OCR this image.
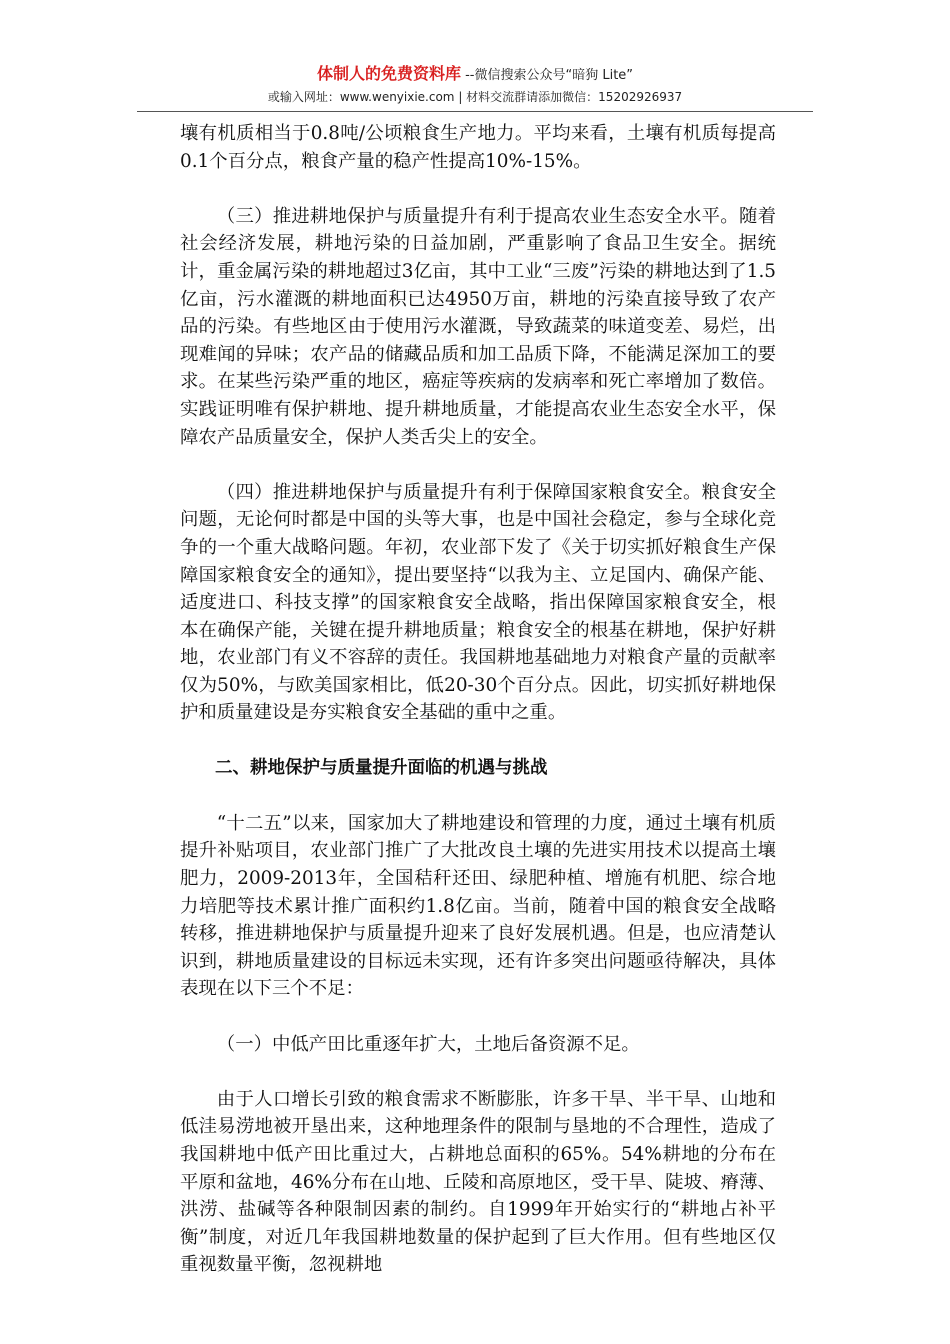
体制人的免费资料库 --微信搜索公众号“暗狗 Lite”
或输入网址：www.wenyixie.com | 材料交流群请添加微信：15202926937

壤有机质相当于0.8吨/公顷粮食生产地力。平均来看，土壤有机质每提高0.1个百分点，粮食产量的稳产性提高10%-15%。

（三）推进耕地保护与质量提升有利于提高农业生态安全水平。随着社会经济发展，耕地污染的日益加剧，严重影响了食品卫生安全。据统计，重金属污染的耕地超过3亿亩，其中工业“三废”污染的耕地达到了1.5亿亩，污水灌溉的耕地面积已达4950万亩，耕地的污染直接导致了农产品的污染。有些地区由于使用污水灌溉，导致蔬菜的味道变差、易烂，出现难闻的异味；农产品的储藏品质和加工品质下降，不能满足深加工的要求。在某些污染严重的地区，癌症等疾病的发病率和死亡率增加了数倍。实践证明唯有保护耕地、提升耕地质量，才能提高农业生态安全水平，保障农产品质量安全，保护人类舌尖上的安全。

（四）推进耕地保护与质量提升有利于保障国家粮食安全。粮食安全问题，无论何时都是中国的头等大事，也是中国社会稳定，参与全球化竞争的一个重大战略问题。年初，农业部下发了《关于切实抓好粮食生产保障国家粮食安全的通知》，提出要坚持“以我为主、立足国内、确保产能、适度进口、科技支撑”的国家粮食安全战略，指出保障国家粮食安全，根本在确保产能，关键在提升耕地质量；粮食安全的根基在耕地，保护好耕地，农业部门有义不容辞的责任。我国耕地基础地力对粮食产量的贡献率仅为50%，与欧美国家相比，低20-30个百分点。因此，切实抓好耕地保护和质量建设是夯实粮食安全基础的重中之重。

二、耕地保护与质量提升面临的机遇与挑战

“十二五”以来，国家加大了耕地建设和管理的力度，通过土壤有机质提升补贴项目，农业部门推广了大批改良土壤的先进实用技术以提高土壤肥力，2009-2013年，全国秸秆还田、绿肥种植、增施有机肥、综合地力培肥等技术累计推广面积约1.8亿亩。当前，随着中国的粮食安全战略转移，推进耕地保护与质量提升迎来了良好发展机遇。但是，也应清楚认识到，耕地质量建设的目标远未实现，还有许多突出问题亟待解决，具体表现在以下三个不足：

（一）中低产田比重逐年扩大，土地后备资源不足。

由于人口增长引致的粮食需求不断膨胀，许多干旱、半干旱、山地和低洼易涝地被开垦出来，这种地理条件的限制与垦地的不合理性，造成了我国耕地中低产田比重过大，占耕地总面积的65%。54%耕地的分布在平原和盆地，46%分布在山地、丘陵和高原地区，受干旱、陡坡、瘠薄、洪涝、盐碱等各种限制因素的制约。自1999年开始实行的“耕地占补平衡”制度，对近几年我国耕地数量的保护起到了巨大作用。但有些地区仅重视数量平衡，忽视耕地
